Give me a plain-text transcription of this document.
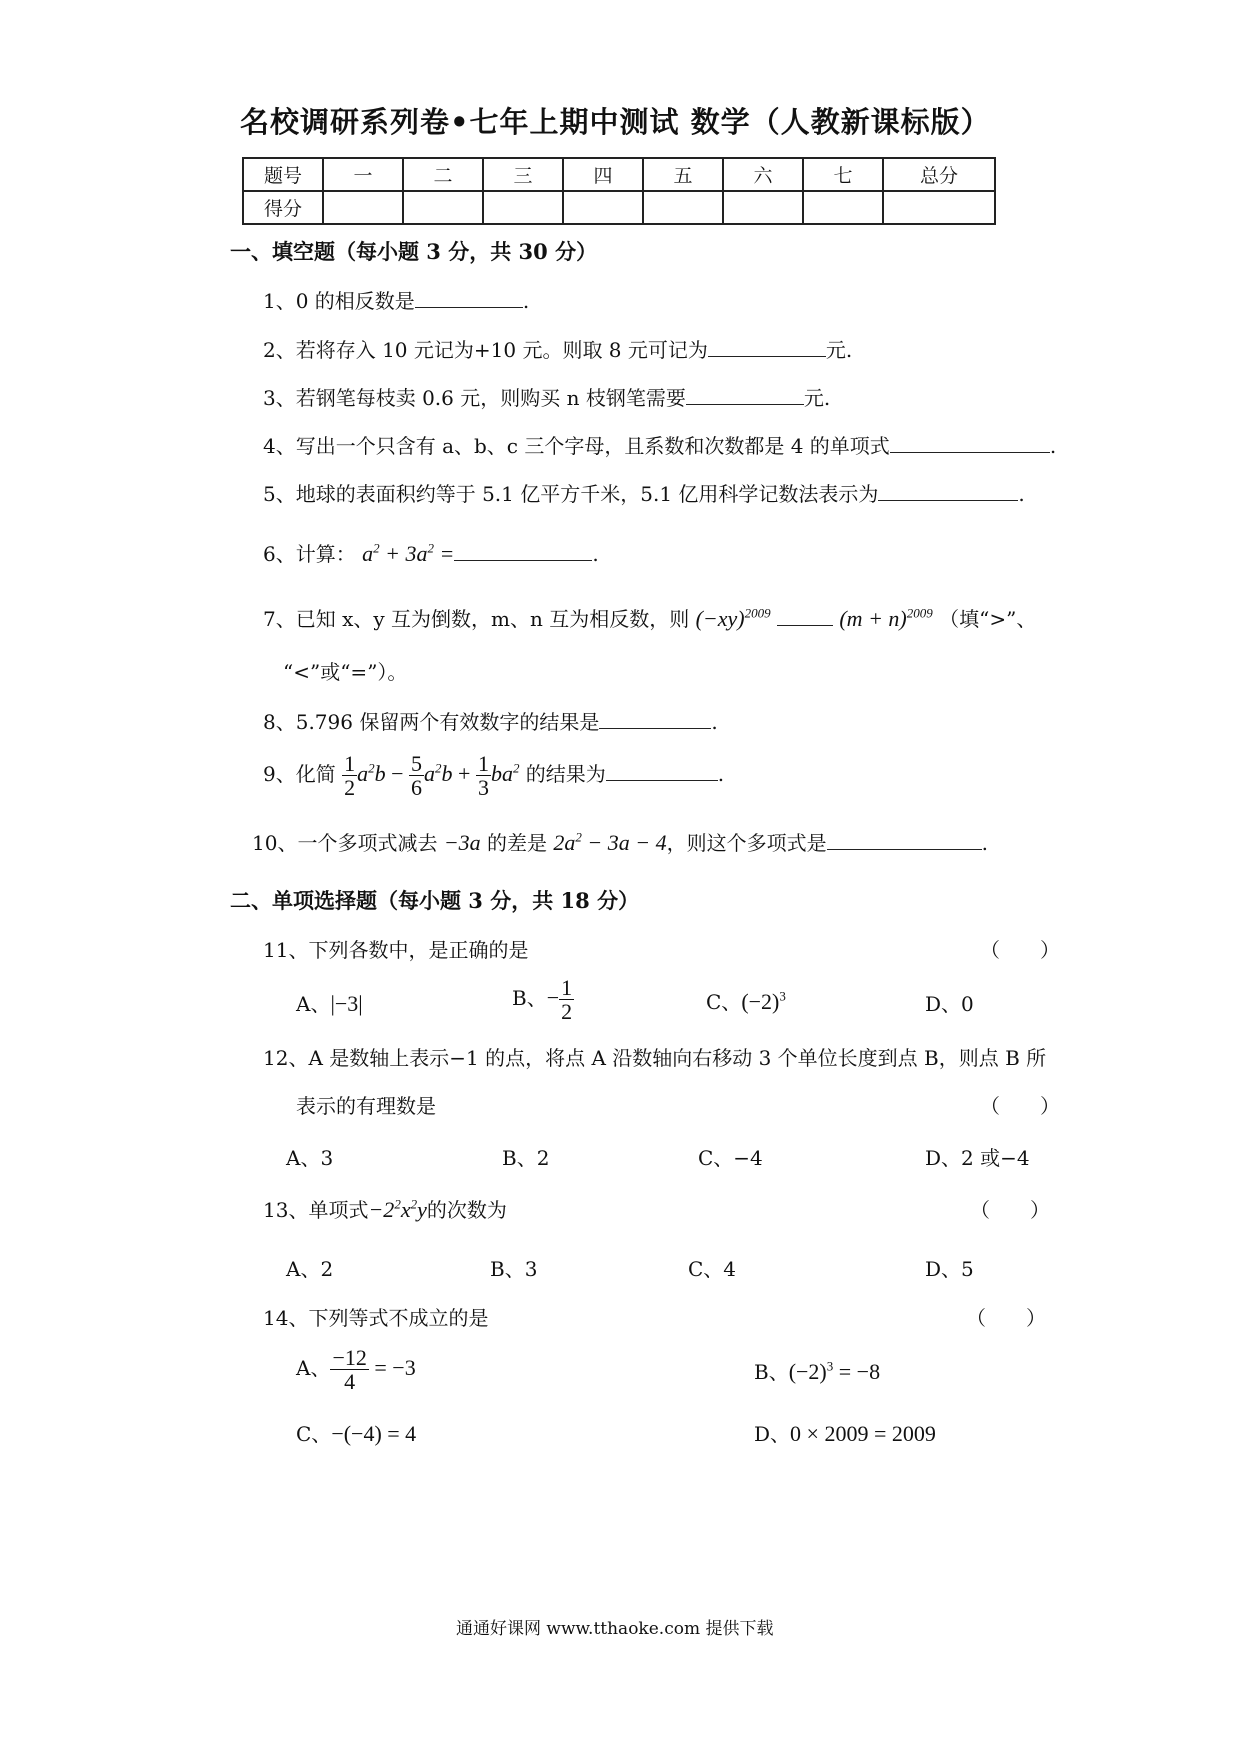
名校调研系列卷•七年上期中测试 数学（人教新课标版）
题号	一	二	三	四	五	六	七	总分
得分								
一、填空题（每小题 3 分，共 30 分）
1、0 的相反数是	.
2、若将存入 10 元记为+10 元。则取 8 元可记为	元.
3、若钢笔每枝卖 0.6 元，则购买 n 枝钢笔需要	元.
4、写出一个只含有 a、b、c 三个字母，且系数和次数都是 4 的单项式	.
5、地球的表面积约等于 5.1 亿平方千米，5.1 亿用科学记数法表示为	.
6、计算： $a^2 + 3a^2$ =	.
7、已知 x、y 互为倒数，m、n 互为相反数，则 $(-xy)^{2009}$	$(m + n)^{2009}$ （填“>”、
“<”或“=”）。
8、5.796 保留两个有效数字的结果是	.
9、化简 $\frac{1}{2} a^2b - \frac{5}{6} a^2b + \frac{1}{3} ba^2$ 的结果为	.
10、一个多项式减去 −3a 的差是 $2a^2 - 3a - 4$，则这个多项式是	.
二、单项选择题（每小题 3 分，共 18 分）
11、下列各数中，是正确的是	（　　）
A、|−3|	B、− $\frac{1}{2}$	C、$(-2)^3$	D、0
12、A 是数轴上表示−1 的点，将点 A 沿数轴向右移动 3 个单位长度到点 B，则点 B 所
表示的有理数是	（　　）
A、3	B、2	C、−4	D、2 或−4
13、单项式$-2^2x^2y$的次数为	（　　）
A、2	B、3	C、4	D、5
14、下列等式不成立的是	（　　）
A、 $\frac{-12}{4} = -3$	B、$(-2)^3 = -8$
C、−(−4) = 4	D、0 × 2009 = 2009
通通好课网 www.tthaoke.com 提供下载
